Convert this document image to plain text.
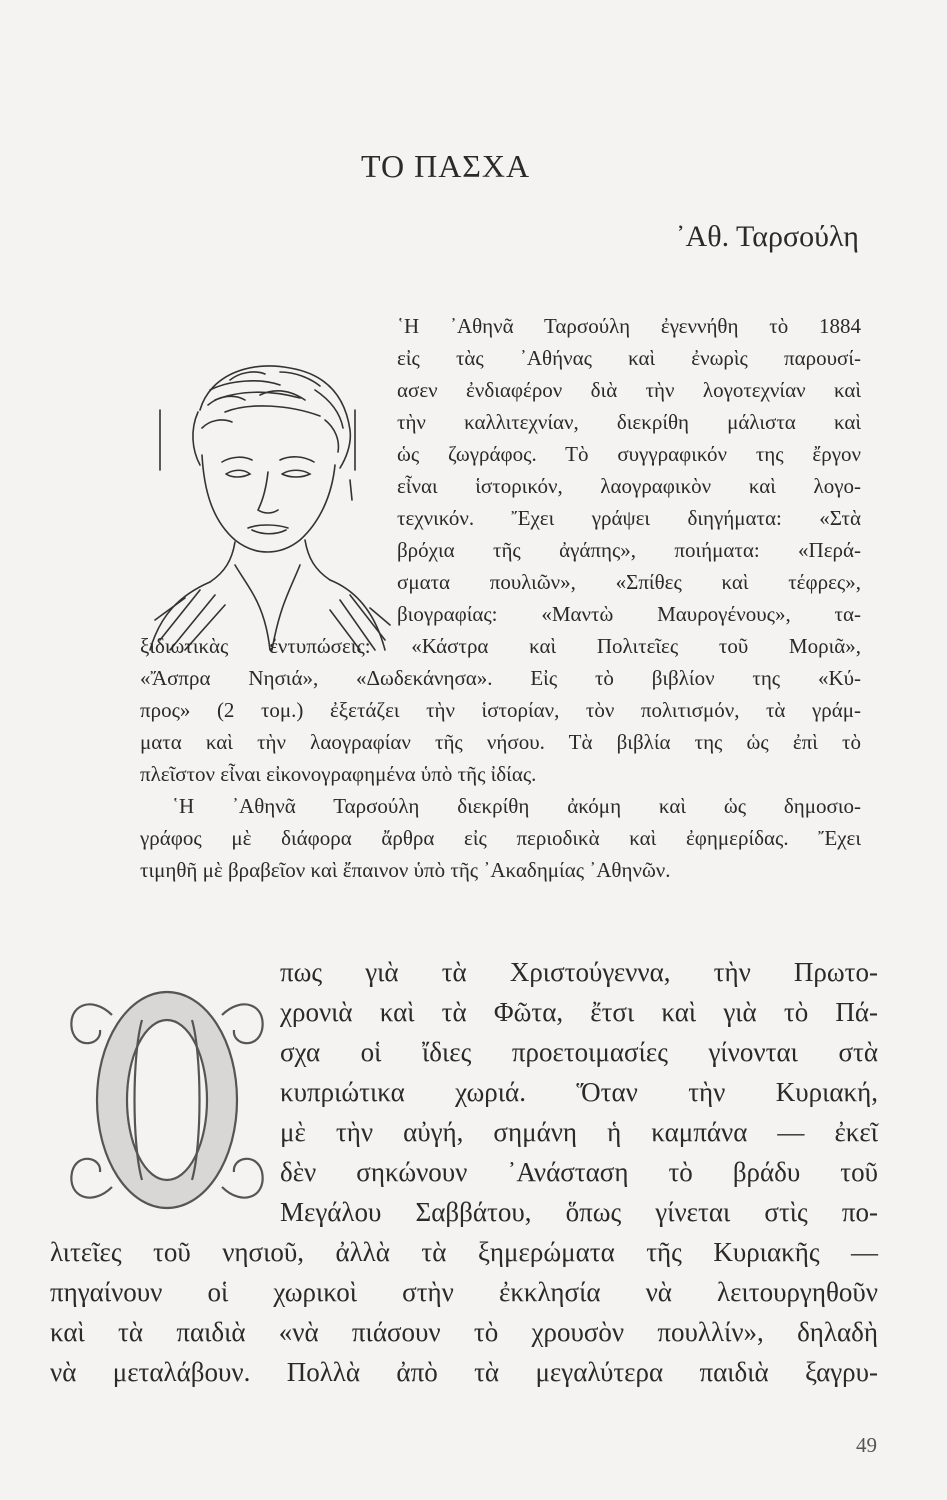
ΤΟ ΠΑΣΧΑ
᾿Αθ. Ταρσούλη
῾Η ᾿Αθηνᾶ Ταρσούλη ἐγεννήθη τὸ 1884
εἰς τὰς ᾿Αθήνας καὶ ἐνωρὶς παρουσί-
ασεν ἐνδιαφέρον διὰ τὴν λογοτεχνίαν καὶ
τὴν καλλιτεχνίαν, διεκρίθη μάλιστα καὶ
ὡς ζωγράφος. Τὸ συγγραφικόν της ἔργον
εἶναι ἱστορικόν, λαογραφικὸν καὶ λογο-
τεχνικόν. Ἔχει γράψει διηγήματα: «Στὰ
βρόχια τῆς ἀγάπης», ποιήματα: «Περά-
σματα πουλιῶν», «Σπίθες καὶ τέφρες»,
βιογραφίας: «Μαντὼ Μαυρογένους», τα-
ξιδιωτικὰς ἐντυπώσεις: «Κάστρα καὶ Πολιτεῖες τοῦ Μοριᾶ»,
«Ἄσπρα Νησιά», «Δωδεκάνησα». Εἰς τὸ βιβλίον της «Κύ-
προς» (2 τομ.) ἐξετάζει τὴν ἱστορίαν, τὸν πολιτισμόν, τὰ γράμ-
ματα καὶ τὴν λαογραφίαν τῆς νήσου. Τὰ βιβλία της ὡς ἐπὶ τὸ
πλεῖστον εἶναι εἰκονογραφημένα ὑπὸ τῆς ἰδίας.
῾Η ᾿Αθηνᾶ Ταρσούλη διεκρίθη ἀκόμη καὶ ὡς δημοσιο-
γράφος μὲ διάφορα ἄρθρα εἰς περιοδικὰ καὶ ἐφημερίδας. Ἔχει
τιμηθῆ μὲ βραβεῖον καὶ ἔπαινον ὑπὸ τῆς ᾿Ακαδημίας ᾿Αθηνῶν.
Ο
πως γιὰ τὰ Χριστούγεννα, τὴν Πρωτο-
χρονιὰ καὶ τὰ Φῶτα, ἔτσι καὶ γιὰ τὸ Πά-
σχα οἱ ἴδιες προετοιμασίες γίνονται στὰ
κυπριώτικα χωριά. Ὅταν τὴν Κυριακή,
μὲ τὴν αὐγή, σημάνη ἡ καμπάνα — ἐκεῖ
δὲν σηκώνουν ᾿Ανάσταση τὸ βράδυ τοῦ
Μεγάλου Σαββάτου, ὅπως γίνεται στὶς πο-
λιτεῖες τοῦ νησιοῦ, ἀλλὰ τὰ ξημερώματα τῆς Κυριακῆς —
πηγαίνουν οἱ χωρικοὶ στὴν ἐκκλησία νὰ λειτουργηθοῦν
καὶ τὰ παιδιὰ «νὰ πιάσουν τὸ χρουσὸν πουλλίν», δηλαδὴ
νὰ μεταλάβουν. Πολλὰ ἀπὸ τὰ μεγαλύτερα παιδιὰ ξαγρυ-
49
